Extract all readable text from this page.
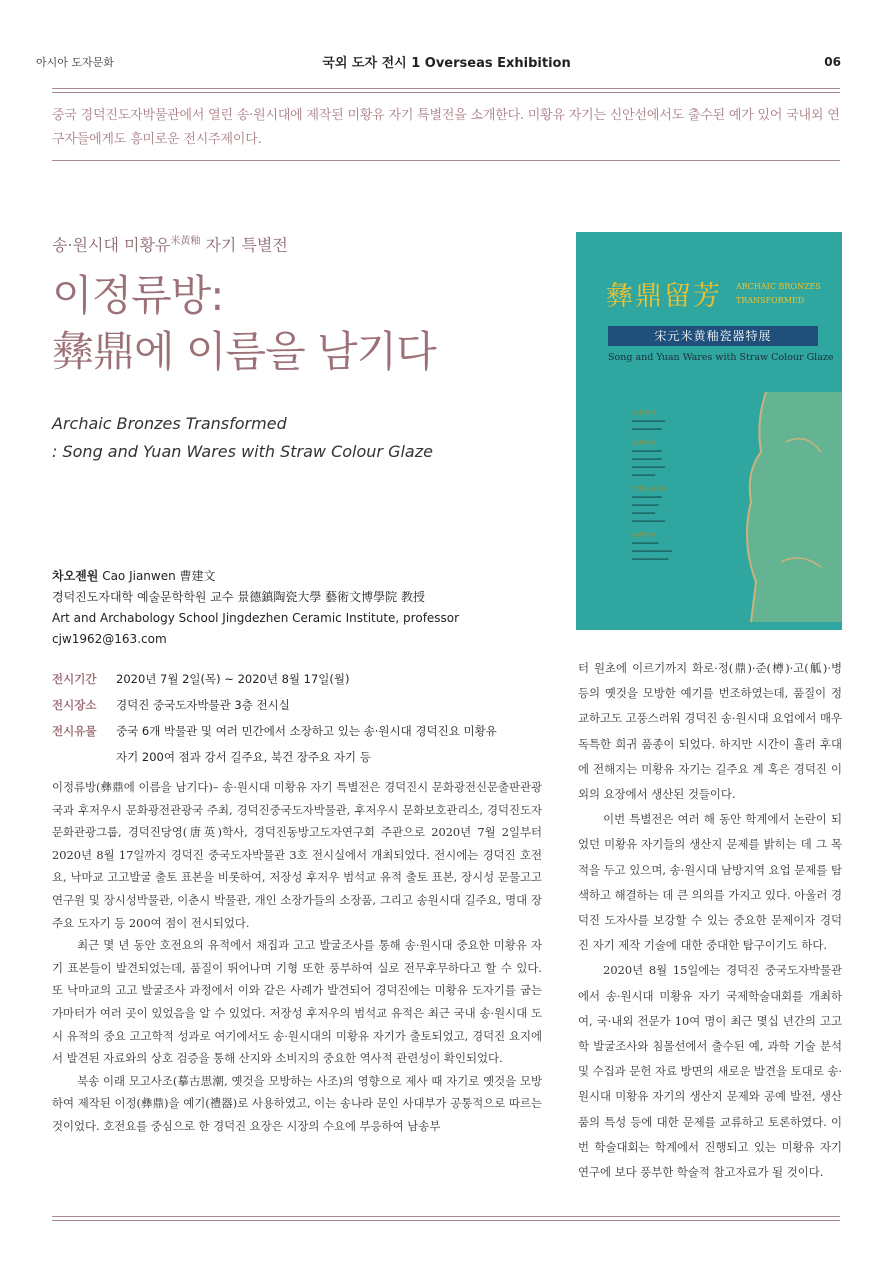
아시아 도자문화	국외 도자 전시 1 Overseas Exhibition	06
중국 경덕진도자박물관에서 열린 송·원시대에 제작된 미황유 자기 특별전을 소개한다. 미황유 자기는 신안선에서도 출수된 예가 있어 국내외 연구자들에게도 흥미로운 전시주제이다.
송·원시대 미황유$^{米黃釉}$ 자기 특별전
이정류방:
彝鼎에 이름을 남기다
Archaic Bronzes Transformed
: Song and Yuan Wares with Straw Colour Glaze
차오젠원 Cao Jianwen 曹建文
경덕진도자대학 예술문학학원 교수 景德鎮陶瓷大學 藝術文博學院 教授
Art and Archabology School Jingdezhen Ceramic Institute, professor
cjw1962@163.com
彝鼎留芳 ARCHAIC BRONZES
TRANSFORMED
宋元米黄釉瓷器特展
Song and Yuan Wares with Straw Colour Glaze
主办单位
━━━━━━━━━━
━━━━━━━━━
承办单位
━━━━━━━━━
━━━━━━━━━
━━━━━━━━━━
━━━━━━━
学术支持单位
━━━━━━━━━
━━━━━━━━
━━━━━━━
━━━━━━━━━━
协办单位
━━━━━━━━
━━━━━━━━━━━━
━━━━━━━━━━━
전시기간	2020년 7월 2일(목) ~ 2020년 8월 17일(월)
전시장소	경덕진 중국도자박물관 3층 전시실
전시유물	중국 6개 박물관 및 여러 민간에서 소장하고 있는 송·원시대 경덕진요 미황유
자기 200여 점과 강서 길주요, 북건 장주요 자기 등

이정류방(彝鼎에 이름을 남기다)– 송·원시대 미황유 자기 특별전은 경덕진시 문화광전신문출판관광국과 후저우시 문화광전관광국 주최, 경덕진중국도자박물관, 후저우시 문화보호관리소, 경덕진도자문화관광그룹, 경덕진당영(唐英)학사, 경덕진동방고도자연구회 주관으로 2020년 7월 2일부터 2020년 8월 17일까지 경덕진 중국도자박물관 3호 전시실에서 개최되었다. 전시에는 경덕진 호전요, 낙마교 고고발굴 출토 표본을 비롯하여, 저장성 후저우 범석교 유적 출토 표본, 장시성 문물고고연구원 및 장시성박물관, 이춘시 박물관, 개인 소장가들의 소장품, 그리고 송원시대 길주요, 명대 장주요 도자기 등 200여 점이 전시되었다.

최근 몇 년 동안 호전요의 유적에서 채집과 고고 발굴조사를 통해 송·원시대 중요한 미황유 자기 표본들이 발견되었는데, 품질이 뛰어나며 기형 또한 풍부하여 실로 전무후무하다고 할 수 있다. 또 낙마교의 고고 발굴조사 과정에서 이와 같은 사례가 발견되어 경덕진에는 미황유 도자기를 굽는 가마터가 여러 곳이 있었음을 알 수 있었다. 저장성 후저우의 범석교 유적은 최근 국내 송·원시대 도시 유적의 중요 고고학적 성과로 여기에서도 송·원시대의 미황유 자기가 출토되었고, 경덕진 요지에서 발견된 자료와의 상호 검증을 통해 산지와 소비지의 중요한 역사적 관련성이 확인되었다.

북송 이래 모고사조(摹古思潮, 옛것을 모방하는 사조)의 영향으로 제사 때 자기로 옛것을 모방하여 제작된 이정(彝鼎)을 예기(禮器)로 사용하였고, 이는 송나라 문인 사대부가 공통적으로 따르는 것이었다. 호전요를 중심으로 한 경덕진 요장은 시장의 수요에 부응하여 남송부

터 원초에 이르기까지 화로·정(鼎)·준(樽)·고(觚)·병 등의 옛것을 모방한 예기를 번조하였는데, 품질이 정교하고도 고풍스러워 경덕진 송·원시대 요업에서 매우 독특한 희귀 품종이 되었다. 하지만 시간이 흘러 후대에 전해지는 미황유 자기는 길주요 계 혹은 경덕진 이외의 요장에서 생산된 것들이다.

이번 특별전은 여러 해 동안 학계에서 논란이 되었던 미황유 자기들의 생산지 문제를 밝히는 데 그 목적을 두고 있으며, 송·원시대 남방지역 요업 문제를 탐색하고 해결하는 데 큰 의의를 가지고 있다. 아울러 경덕진 도자사를 보강할 수 있는 중요한 문제이자 경덕진 자기 제작 기술에 대한 중대한 탐구이기도 하다.

2020년 8월 15일에는 경덕진 중국도자박물관에서 송·원시대 미황유 자기 국제학술대회를 개최하여, 국·내외 전문가 10여 명이 최근 몇십 년간의 고고학 발굴조사와 침몰선에서 출수된 예, 과학 기술 분석 및 수집과 문헌 자료 방면의 새로운 발견을 토대로 송·원시대 미황유 자기의 생산지 문제와 공예 발전, 생산품의 특성 등에 대한 문제를 교류하고 토론하였다. 이번 학술대회는 학계에서 진행되고 있는 미황유 자기 연구에 보다 풍부한 학술적 참고자료가 될 것이다.
